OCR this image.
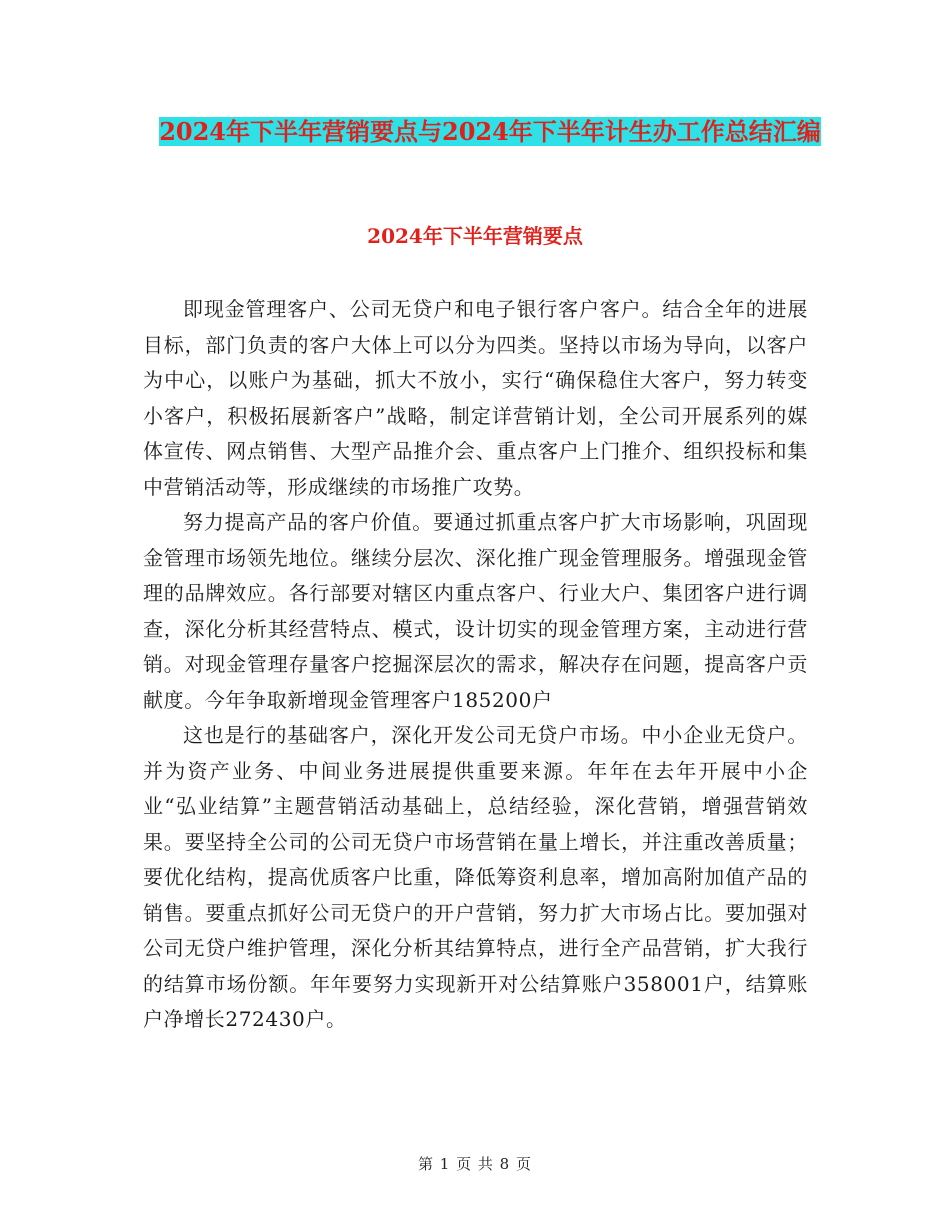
2024年下半年营销要点与2024年下半年计生办工作总结汇编
2024年下半年营销要点

即现金管理客户、公司无贷户和电子银行客户客户。结合全年的进展目标，部门负责的客户大体上可以分为四类。坚持以市场为导向，以客户为中心，以账户为基础，抓大不放小，实行“确保稳住大客户，努力转变小客户，积极拓展新客户”战略，制定详营销计划，全公司开展系列的媒体宣传、网点销售、大型产品推介会、重点客户上门推介、组织投标和集中营销活动等，形成继续的市场推广攻势。

努力提高产品的客户价值。要通过抓重点客户扩大市场影响，巩固现金管理市场领先地位。继续分层次、深化推广现金管理服务。增强现金管理的品牌效应。各行部要对辖区内重点客户、行业大户、集团客户进行调查，深化分析其经营特点、模式，设计切实的现金管理方案，主动进行营销。对现金管理存量客户挖掘深层次的需求，解决存在问题，提高客户贡献度。今年争取新增现金管理客户185200户

这也是行的基础客户，深化开发公司无贷户市场。中小企业无贷户。并为资产业务、中间业务进展提供重要来源。年年在去年开展中小企业“弘业结算”主题营销活动基础上，总结经验，深化营销，增强营销效果。要坚持全公司的公司无贷户市场营销在量上增长，并注重改善质量；要优化结构，提高优质客户比重，降低筹资利息率，增加高附加值产品的销售。要重点抓好公司无贷户的开户营销，努力扩大市场占比。要加强对公司无贷户维护管理，深化分析其结算特点，进行全产品营销，扩大我行的结算市场份额。年年要努力实现新开对公结算账户358001户，结算账户净增长272430户。

第 1 页 共 8 页
